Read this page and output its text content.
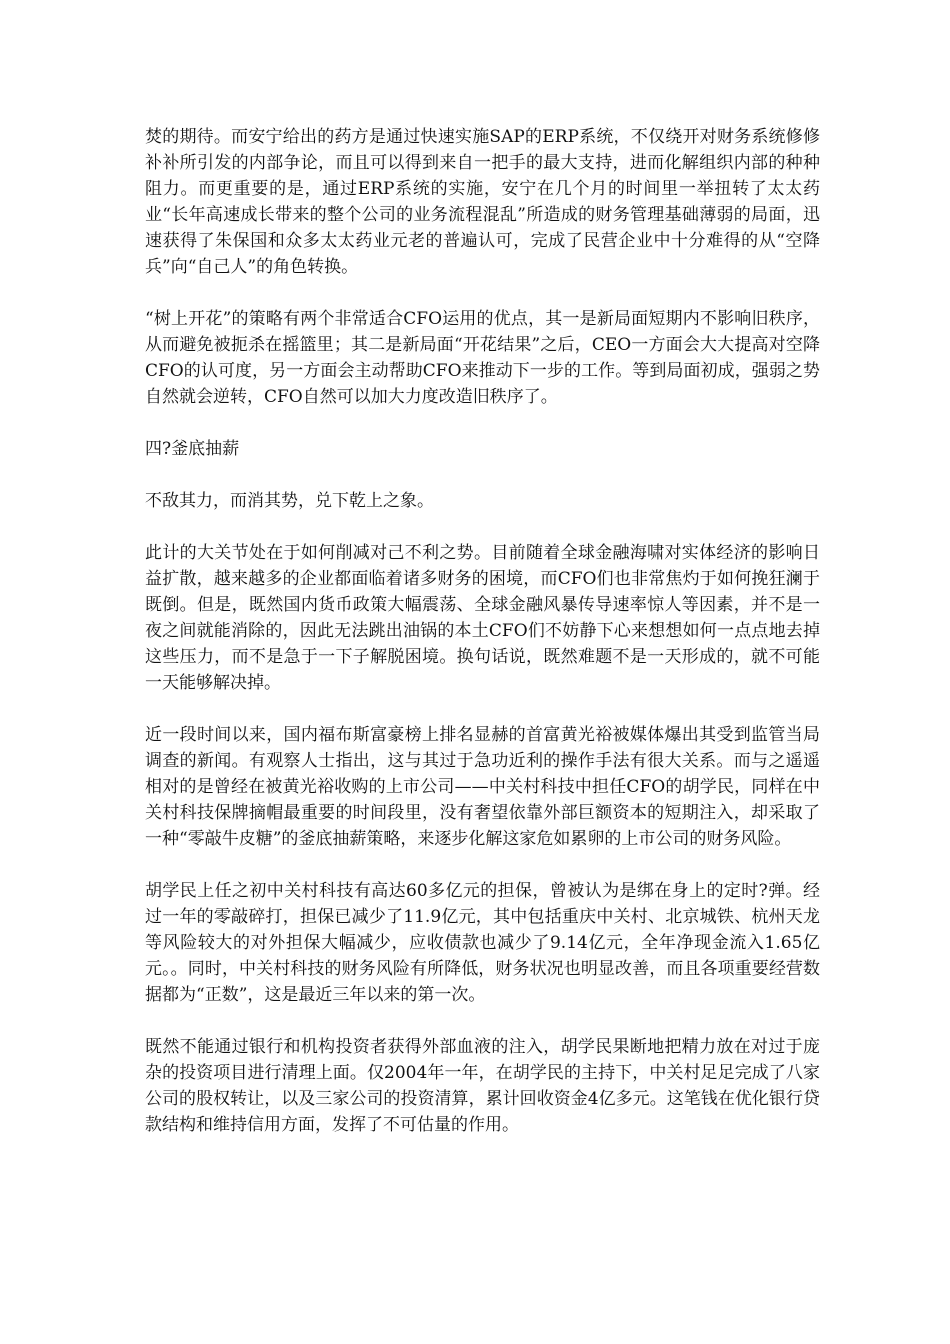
焚的期待。而安宁给出的药方是通过快速实施SAP的ERP系统，不仅绕开对财务系统修修补补所引发的内部争论，而且可以得到来自一把手的最大支持，进而化解组织内部的种种阻力。而更重要的是，通过ERP系统的实施，安宁在几个月的时间里一举扭转了太太药业“长年高速成长带来的整个公司的业务流程混乱”所造成的财务管理基础薄弱的局面，迅速获得了朱保国和众多太太药业元老的普遍认可，完成了民营企业中十分难得的从“空降兵”向“自己人”的角色转换。

“树上开花”的策略有两个非常适合CFO运用的优点，其一是新局面短期内不影响旧秩序，从而避免被扼杀在摇篮里；其二是新局面“开花结果”之后，CEO一方面会大大提高对空降CFO的认可度，另一方面会主动帮助CFO来推动下一步的工作。等到局面初成，强弱之势自然就会逆转，CFO自然可以加大力度改造旧秩序了。

四?釜底抽薪

不敌其力，而消其势，兑下乾上之象。

此计的大关节处在于如何削减对己不利之势。目前随着全球金融海啸对实体经济的影响日益扩散，越来越多的企业都面临着诸多财务的困境，而CFO们也非常焦灼于如何挽狂澜于既倒。但是，既然国内货币政策大幅震荡、全球金融风暴传导速率惊人等因素，并不是一夜之间就能消除的，因此无法跳出油锅的本土CFO们不妨静下心来想想如何一点点地去掉这些压力，而不是急于一下子解脱困境。换句话说，既然难题不是一天形成的，就不可能一天能够解决掉。

近一段时间以来，国内福布斯富豪榜上排名显赫的首富黄光裕被媒体爆出其受到监管当局调查的新闻。有观察人士指出，这与其过于急功近利的操作手法有很大关系。而与之遥遥相对的是曾经在被黄光裕收购的上市公司——中关村科技中担任CFO的胡学民，同样在中关村科技保牌摘帽最重要的时间段里，没有奢望依靠外部巨额资本的短期注入，却采取了一种“零敲牛皮糖”的釜底抽薪策略，来逐步化解这家危如累卵的上市公司的财务风险。

胡学民上任之初中关村科技有高达60多亿元的担保，曾被认为是绑在身上的定时?弹。经过一年的零敲碎打，担保已减少了11.9亿元，其中包括重庆中关村、北京城铁、杭州天龙等风险较大的对外担保大幅减少，应收债款也减少了9.14亿元，全年净现金流入1.65亿元。。同时，中关村科技的财务风险有所降低，财务状况也明显改善，而且各项重要经营数据都为“正数”，这是最近三年以来的第一次。

既然不能通过银行和机构投资者获得外部血液的注入，胡学民果断地把精力放在对过于庞杂的投资项目进行清理上面。仅2004年一年，在胡学民的主持下，中关村足足完成了八家公司的股权转让，以及三家公司的投资清算，累计回收资金4亿多元。这笔钱在优化银行贷款结构和维持信用方面，发挥了不可估量的作用。
